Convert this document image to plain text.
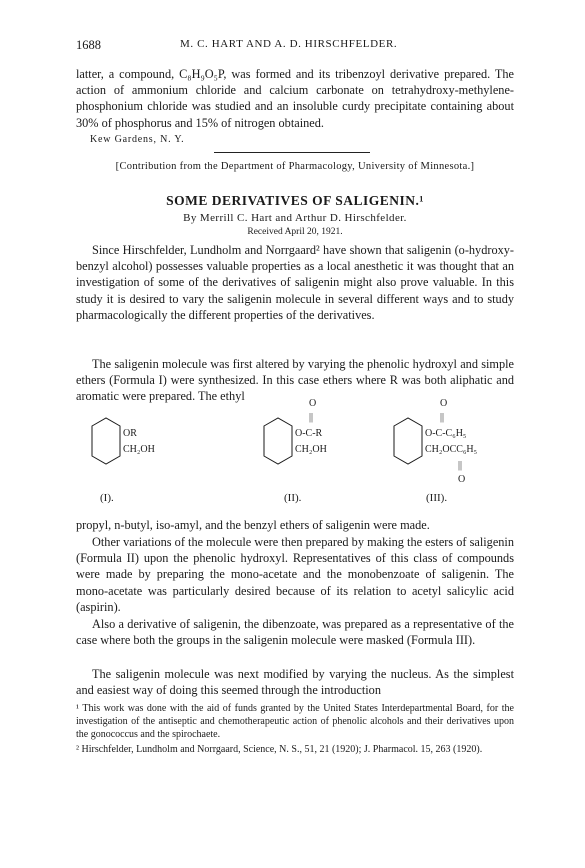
1688	M. C. HART AND A. D. HIRSCHFELDER.
latter, a compound, C₈H₉O₅P, was formed and its tribenzoyl derivative prepared. The action of ammonium chloride and calcium carbonate on tetrahydroxy-methylene-phosphonium chloride was studied and an insoluble curdy precipitate containing about 30% of phosphorus and 15% of nitrogen obtained.
Kew Gardens, N. Y.
[Contribution from the Department of Pharmacology, University of Minnesota.]
SOME DERIVATIVES OF SALIGENIN.¹
By Merrill C. Hart and Arthur D. Hirschfelder.
Received April 20, 1921.
Since Hirschfelder, Lundholm and Norrgaard² have shown that saligenin (o-hydroxy-benzyl alcohol) possesses valuable properties as a local anesthetic it was thought that an investigation of some of the derivatives of saligenin might also prove valuable. In this study it is desired to vary the saligenin molecule in several different ways and to study pharmacologically the different properties of the derivatives.
The saligenin molecule was first altered by varying the phenolic hydroxyl and simple ethers (Formula I) were synthesized. In this case ethers where R was both aliphatic and aromatic were prepared. The ethyl
OR
CH₂OH
(I).
O
||
O-C-R
CH₂OH
(II).
O
||
O-C-C₆H₅
CH₂OCC₆H₅
||
O
(III).
propyl, n-butyl, iso-amyl, and the benzyl ethers of saligenin were made.
Other variations of the molecule were then prepared by making the esters of saligenin (Formula II) upon the phenolic hydroxyl. Representatives of this class of compounds were made by preparing the mono-acetate and the monobenzoate of saligenin. The mono-acetate was particularly desired because of its relation to acetyl salicylic acid (aspirin).
Also a derivative of saligenin, the dibenzoate, was prepared as a representative of the case where both the groups in the saligenin molecule were masked (Formula III).
The saligenin molecule was next modified by varying the nucleus. As the simplest and easiest way of doing this seemed through the introduction
¹ This work was done with the aid of funds granted by the United States Interdepartmental Board, for the investigation of the antiseptic and chemotherapeutic action of phenolic alcohols and their derivatives upon the gonococcus and the spirochaete.
² Hirschfelder, Lundholm and Norrgaard, Science, N. S., 51, 21 (1920); J. Pharmacol. 15, 263 (1920).
